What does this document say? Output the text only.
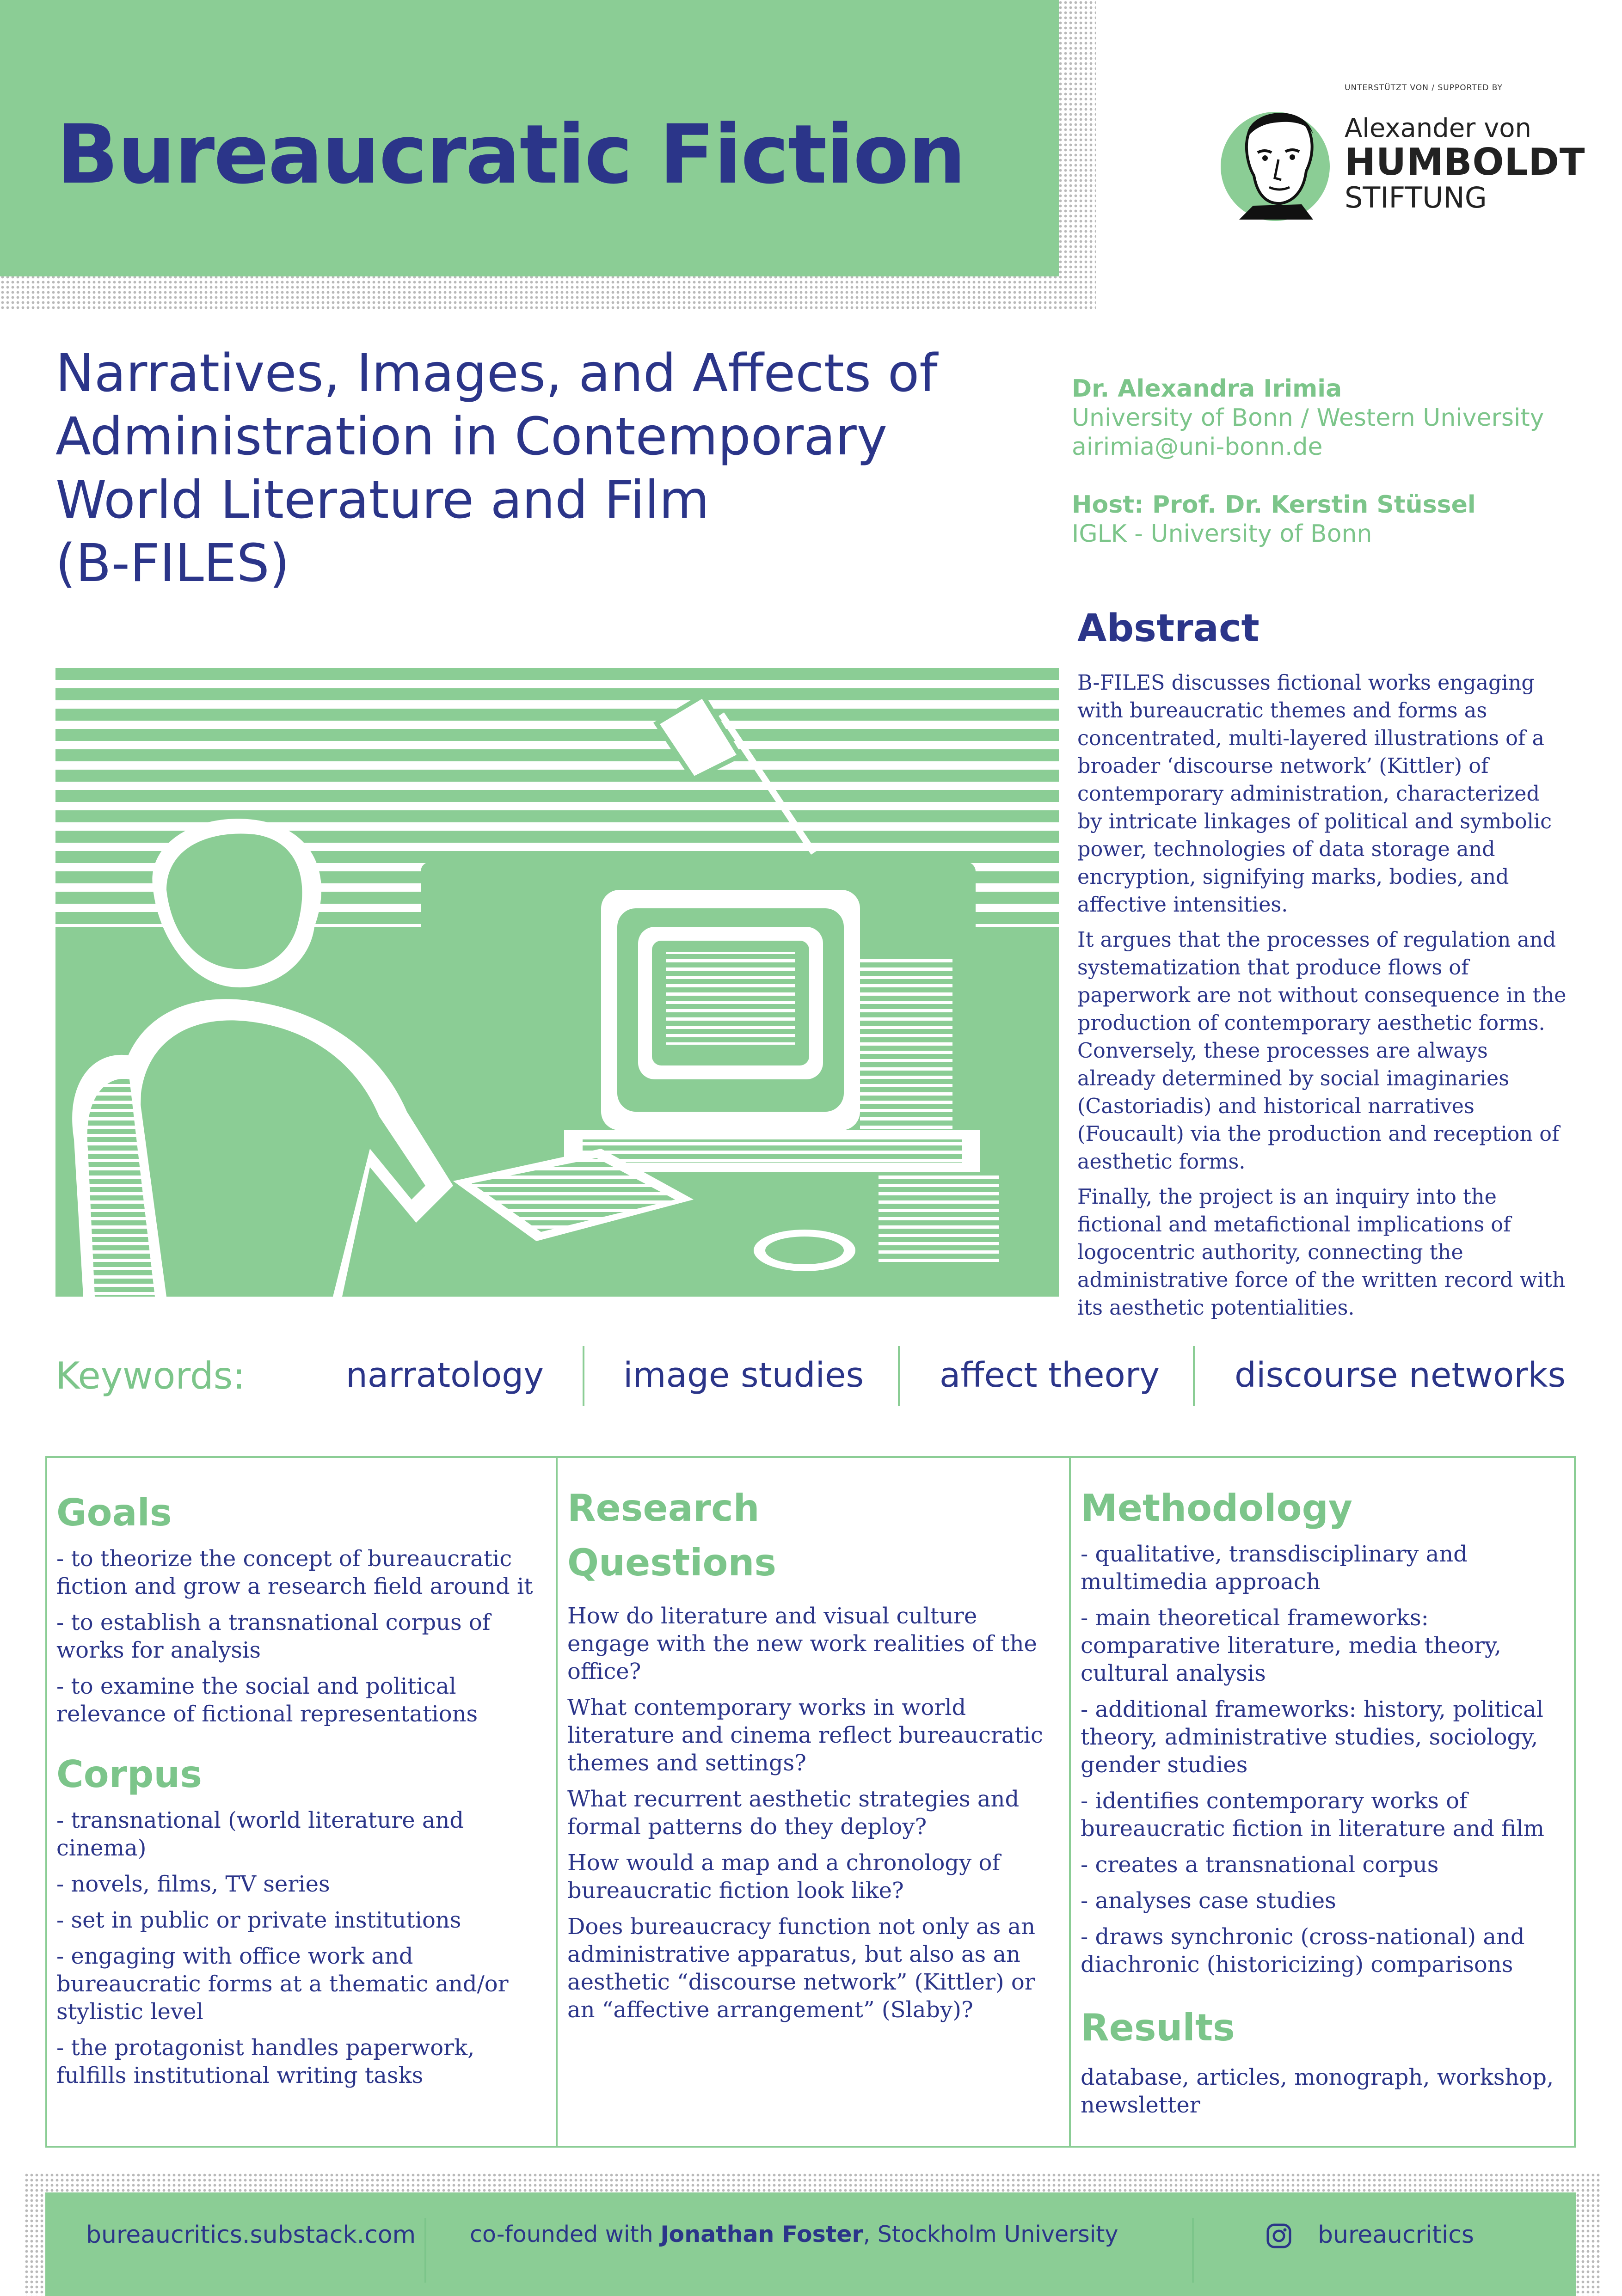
Bureaucratic Fiction
UNTERSTÜTZT VON / SUPPORTED BY
Alexander von
HUMBOLDT
STIFTUNG
Narratives, Images, and Affects of
Administration in Contemporary
World Literature and Film
(B-FILES)
Dr. Alexandra Irimia
University of Bonn / Western University
airimia@uni-bonn.de
Host: Prof. Dr. Kerstin Stüssel
IGLK - University of Bonn
Abstract

B-FILES discusses fictional works engaging with bureaucratic themes and forms as concentrated, multi-layered illustrations of a broader ‘discourse network’ (Kittler) of contemporary administration, characterized by intricate linkages of political and symbolic power, technologies of data storage and encryption, signifying marks, bodies, and affective intensities.

It argues that the processes of regulation and systematization that produce flows of paperwork are not without consequence in the production of contemporary aesthetic forms. Conversely, these processes are always already determined by social imaginaries (Castoriadis) and historical narratives (Foucault) via the production and reception of aesthetic forms.

Finally, the project is an inquiry into the fictional and metafictional implications of logocentric authority, connecting the administrative force of the written record with its aesthetic potentialities.

Keywords:	narratology image studies affect theory discourse networks
Goals

- to theorize the concept of bureaucratic fiction and grow a research field around it

- to establish a transnational corpus of works for analysis

- to examine the social and political relevance of fictional representations

Corpus

- transnational (world literature and cinema)

- novels, films, TV series

- set in public or private institutions

- engaging with office work and bureaucratic forms at a thematic and/or stylistic level

- the protagonist handles paperwork, fulfills institutional writing tasks

Research
Questions

How do literature and visual culture engage with the new work realities of the office?

What contemporary works in world literature and cinema reflect bureaucratic themes and settings?

What recurrent aesthetic strategies and formal patterns do they deploy?

How would a map and a chronology of bureaucratic fiction look like?

Does bureaucracy function not only as an administrative apparatus, but also as an aesthetic “discourse network” (Kittler) or an “affective arrangement” (Slaby)?

Methodology

- qualitative, transdisciplinary and multimedia approach

- main theoretical frameworks: comparative literature, media theory, cultural analysis

- additional frameworks: history, political theory, administrative studies, sociology, gender studies

- identifies contemporary works of bureaucratic fiction in literature and film

- creates a transnational corpus

- analyses case studies

- draws synchronic (cross-national) and diachronic (historicizing) comparisons

Results

database, articles, monograph, workshop, newsletter

bureaucritics.substack.com co-founded with Jonathan Foster, Stockholm University	bureaucritics
